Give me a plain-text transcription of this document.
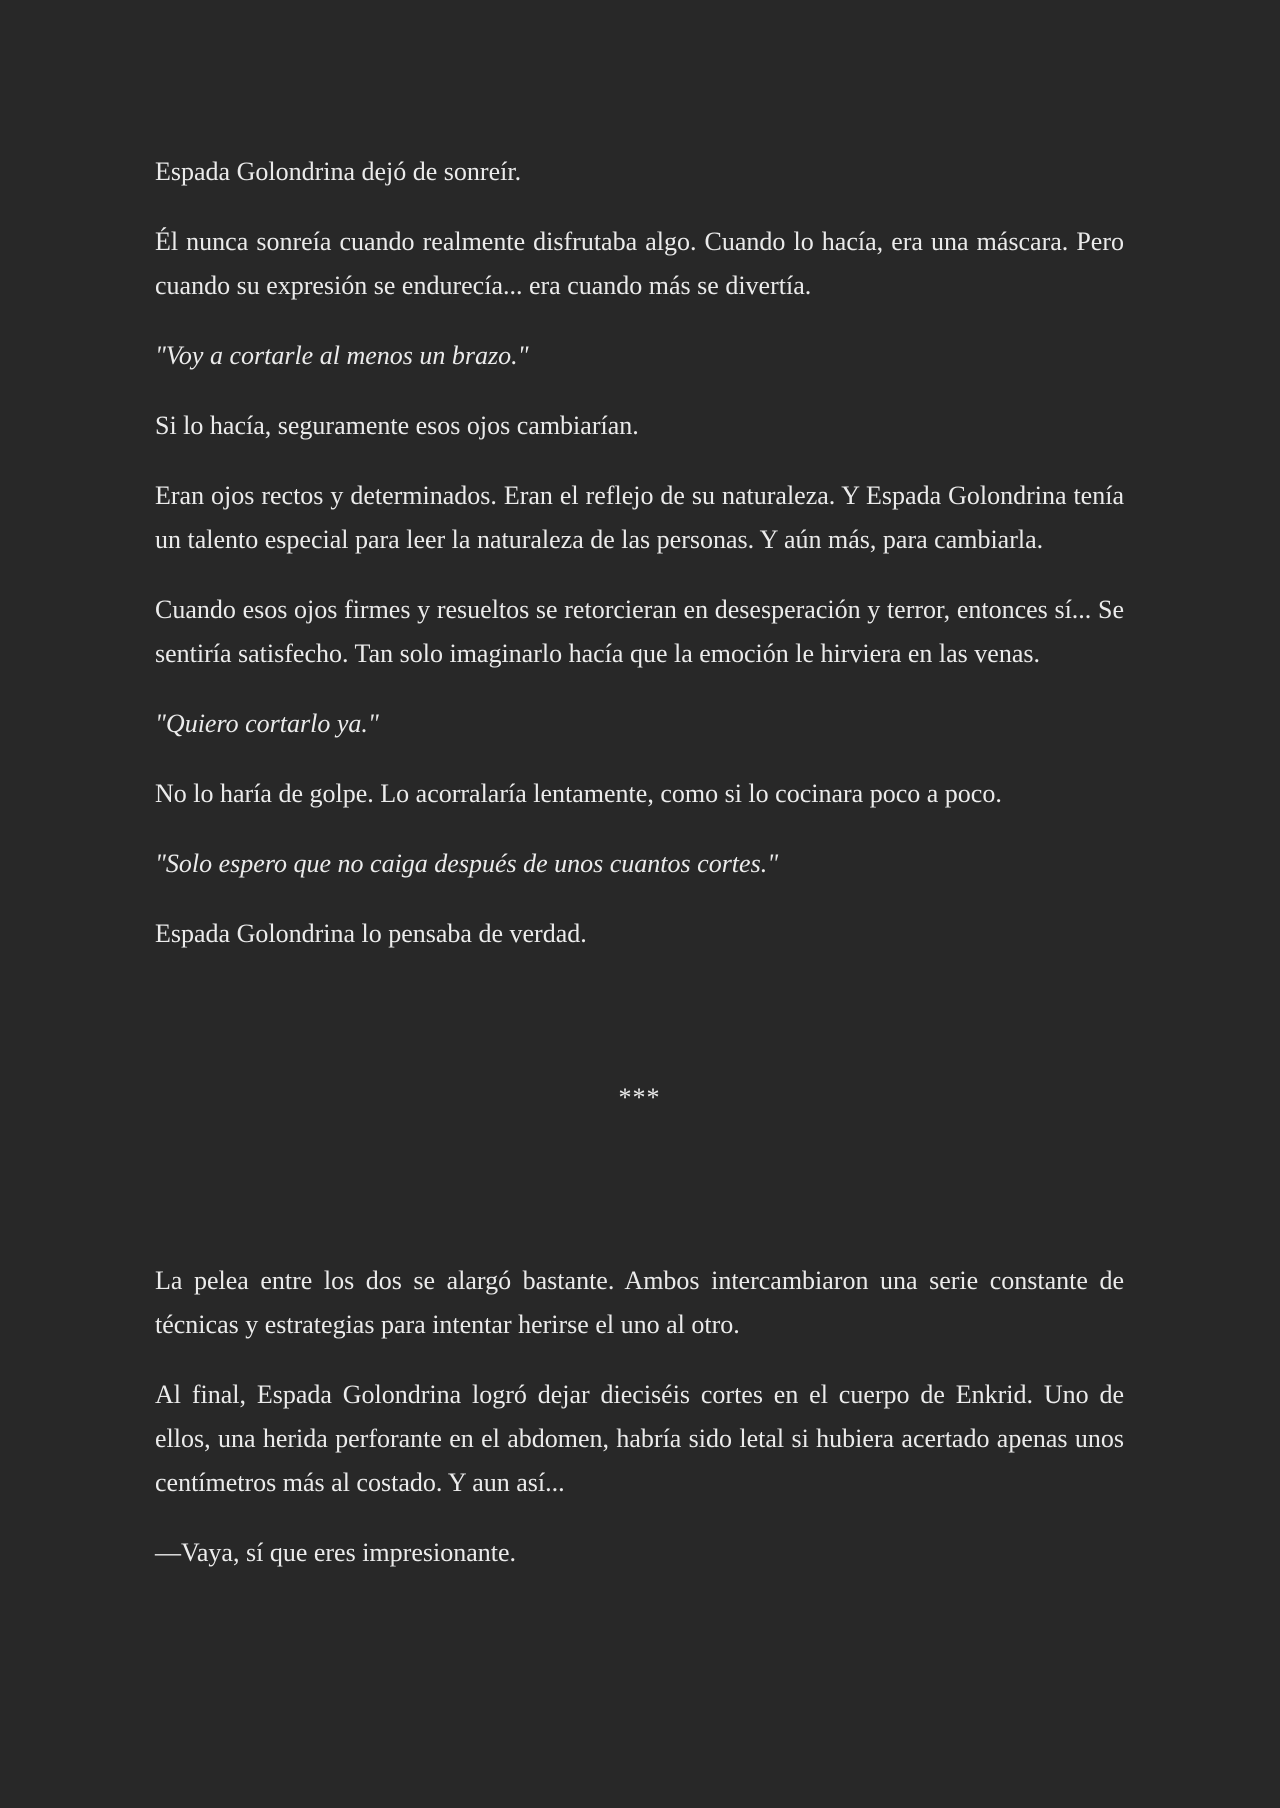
Espada Golondrina dejó de sonreír.

Él nunca sonreía cuando realmente disfrutaba algo. Cuando lo hacía, era una máscara. Pero cuando su expresión se endurecía... era cuando más se divertía.

"Voy a cortarle al menos un brazo."

Si lo hacía, seguramente esos ojos cambiarían.

Eran ojos rectos y determinados. Eran el reflejo de su naturaleza. Y Espada Golondrina tenía un talento especial para leer la naturaleza de las personas. Y aún más, para cambiarla.

Cuando esos ojos firmes y resueltos se retorcieran en desesperación y terror, entonces sí... Se sentiría satisfecho. Tan solo imaginarlo hacía que la emoción le hirviera en las venas.

"Quiero cortarlo ya."

No lo haría de golpe. Lo acorralaría lentamente, como si lo cocinara poco a poco.

"Solo espero que no caiga después de unos cuantos cortes."

Espada Golondrina lo pensaba de verdad.

***

La pelea entre los dos se alargó bastante. Ambos intercambiaron una serie constante de técnicas y estrategias para intentar herirse el uno al otro.

Al final, Espada Golondrina logró dejar dieciséis cortes en el cuerpo de Enkrid. Uno de ellos, una herida perforante en el abdomen, habría sido letal si hubiera acertado apenas unos centímetros más al costado. Y aun así...

—Vaya, sí que eres impresionante.
